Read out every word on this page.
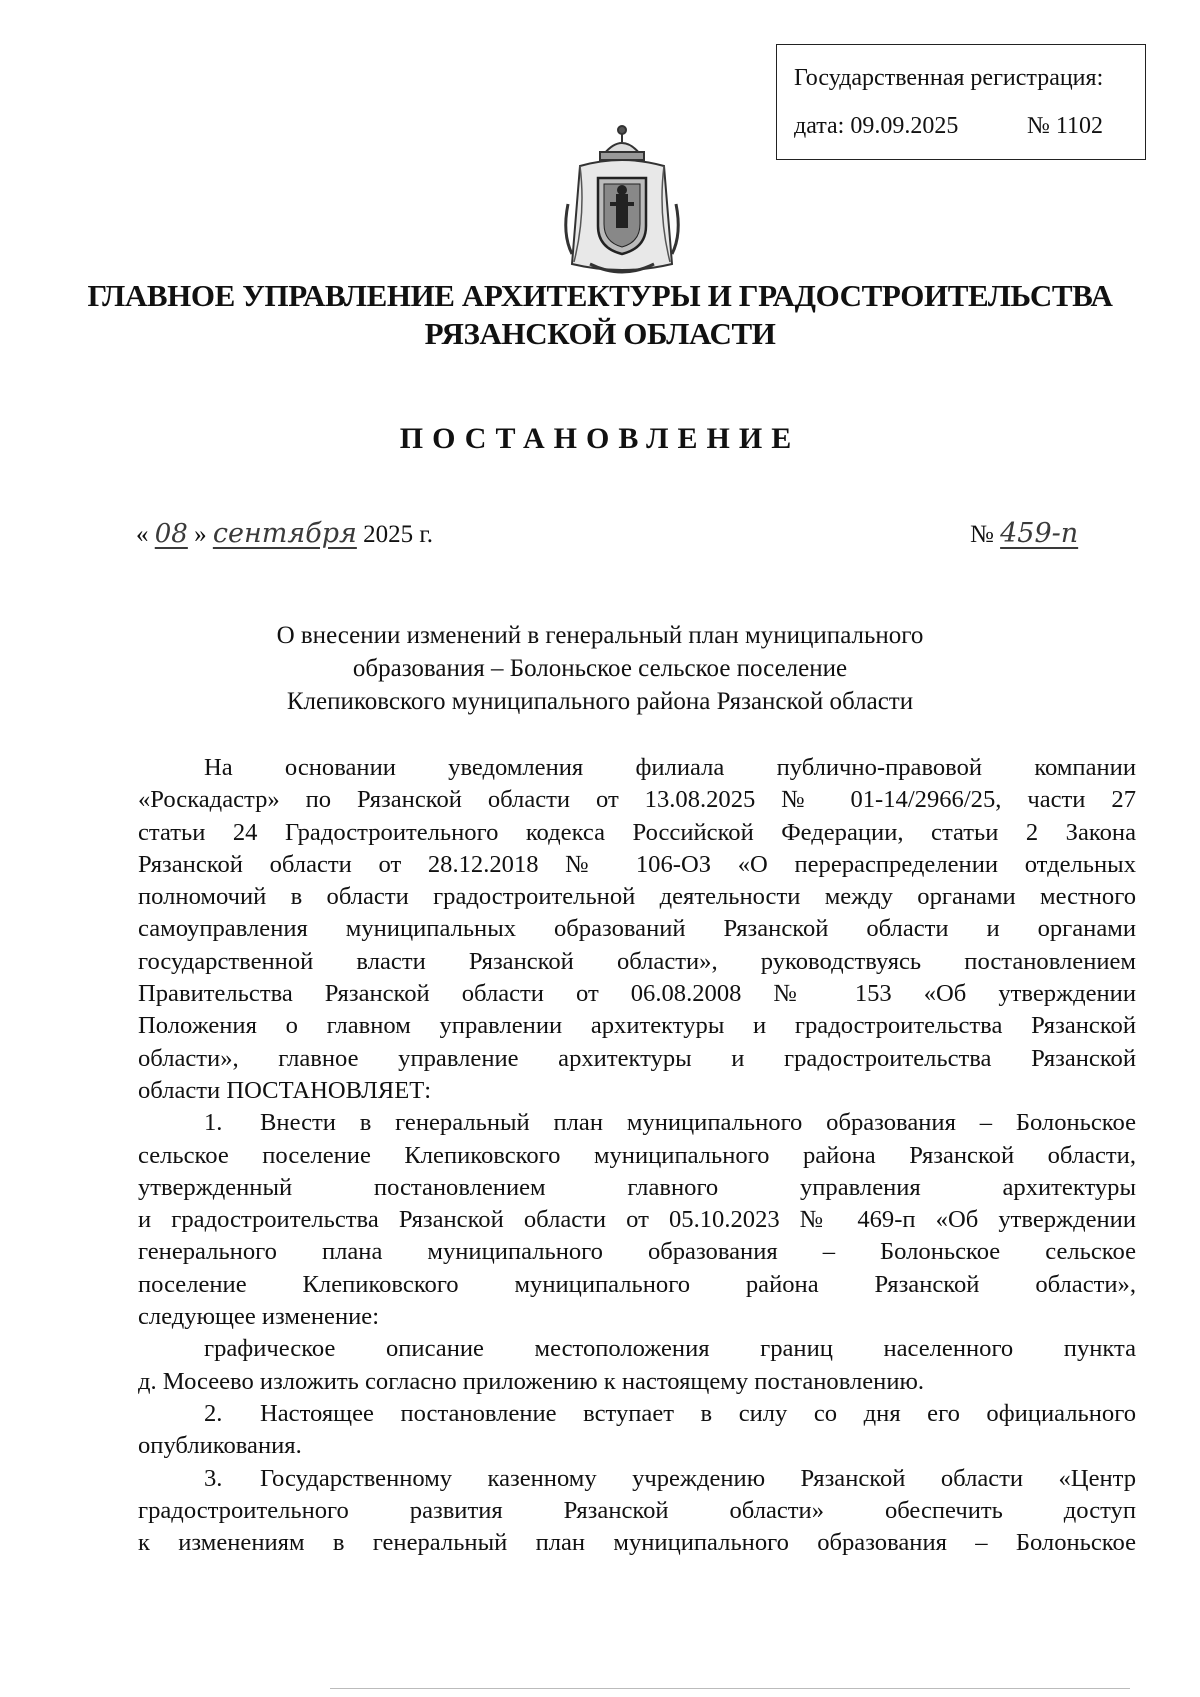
Государственная регистрация:
дата: 09.09.2025	№ 1102
ГЛАВНОЕ УПРАВЛЕНИЕ АРХИТЕКТУРЫ И ГРАДОСТРОИТЕЛЬСТВА
РЯЗАНСКОЙ ОБЛАСТИ
ПОСТАНОВЛЕНИЕ
« 08 » сентября 2025 г.	№ 459-п
О внесении изменений в генеральный план муниципального
образования – Болоньское сельское поселение
Клепиковского муниципального района Рязанской области
На основании уведомления филиала публично-правовой компании
«Роскадастр» по Рязанской области от 13.08.2025 № 01-14/2966/25, части 27
статьи 24 Градостроительного кодекса Российской Федерации, статьи 2 Закона
Рязанской области от 28.12.2018 № 106-ОЗ «О перераспределении отдельных
полномочий в области градостроительной деятельности между органами местного
самоуправления муниципальных образований Рязанской области и органами
государственной власти Рязанской области», руководствуясь постановлением
Правительства Рязанской области от 06.08.2008 № 153 «Об утверждении
Положения о главном управлении архитектуры и градостроительства Рязанской
области», главное управление архитектуры и градостроительства Рязанской
области ПОСТАНОВЛЯЕТ:
1. Внести в генеральный план муниципального образования – Болоньское
сельское поселение Клепиковского муниципального района Рязанской области,
утвержденный постановлением главного управления архитектуры
и градостроительства Рязанской области от 05.10.2023 № 469-п «Об утверждении
генерального плана муниципального образования – Болоньское сельское
поселение Клепиковского муниципального района Рязанской области»,
следующее изменение:
графическое описание местоположения границ населенного пункта
д. Мосеево изложить согласно приложению к настоящему постановлению.
2. Настоящее постановление вступает в силу со дня его официального
опубликования.
3. Государственному казенному учреждению Рязанской области «Центр
градостроительного развития Рязанской области» обеспечить доступ
к изменениям в генеральный план муниципального образования – Болоньское
